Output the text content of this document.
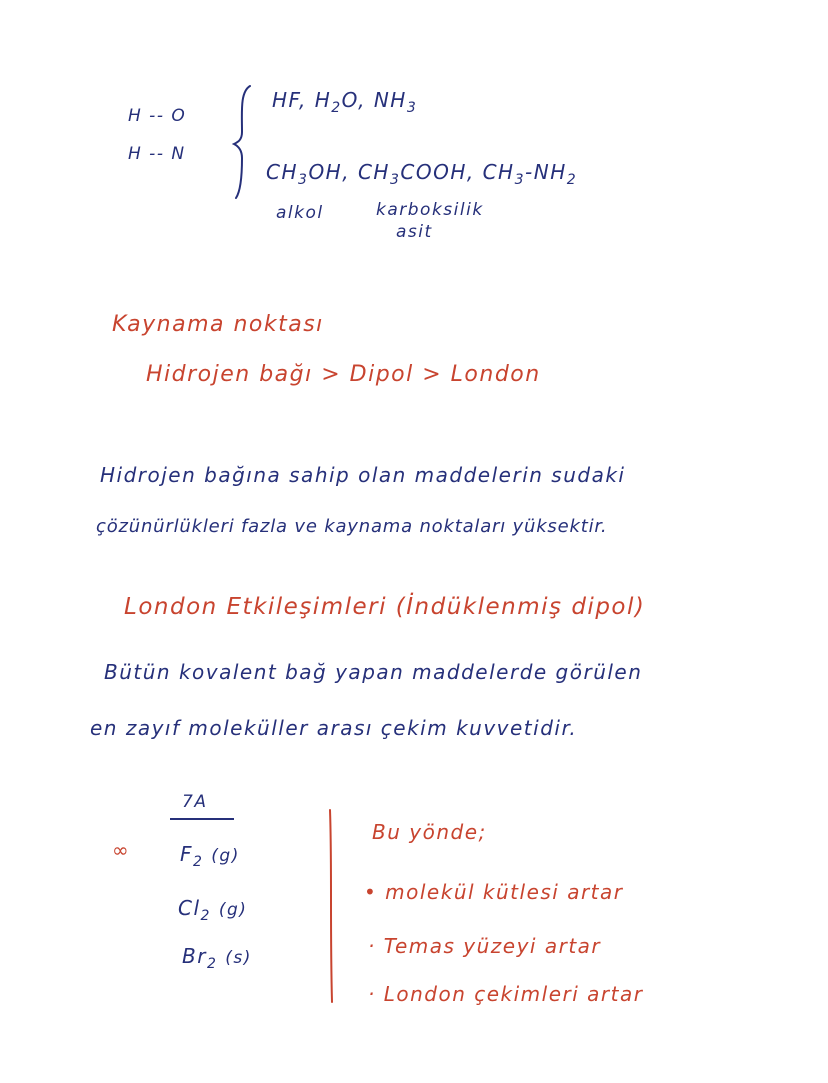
H -- O
H -- N
HF, $H_2O$, $NH_3$
$CH_3OH$, $CH_3COOH$, $CH_3-NH_2$
alkol	karboksilik
asit
Kaynama noktası
Hidrojen bağı > Dipol > London
Hidrojen bağına sahip olan maddelerin sudaki
çözünürlükleri fazla ve kaynama noktaları yüksektir.
London Etkileşimleri (İndüklenmiş dipol)
Bütün kovalent bağ yapan maddelerde görülen
en zayıf moleküller arası çekim kuvvetidir.
7A
∞ $F_2$ (g)
$Cl_2$ (g)
$Br_2$ (s)
Bu yönde;
• molekül kütlesi artar
· Temas yüzeyi artar
· London çekimleri artar
